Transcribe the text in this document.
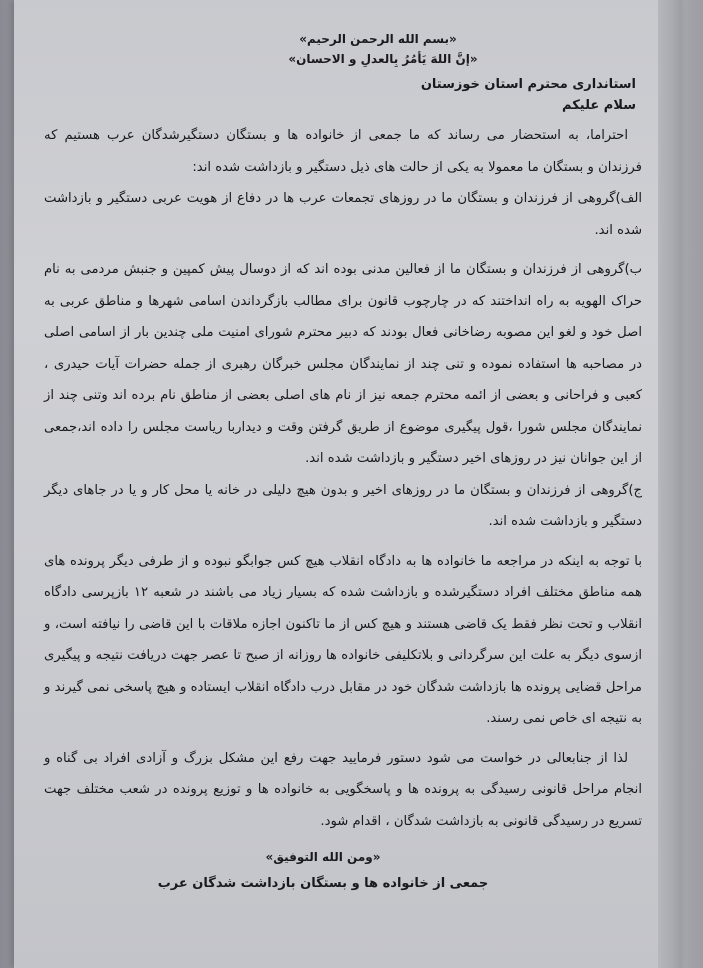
«بسم الله الرحمن الرحیم»

«إنَّ اللهَ یَأمُرُ بِالعدلِ و الاحسان»

استانداری محترم استان خوزستان

سلام علیکم

احتراما، به استحضار می رساند که ما جمعی از خانواده ها و بستگان دستگیرشدگان عرب هستیم که فرزندان و بستگان ما معمولا به یکی از حالت های ذیل دستگیر و بازداشت شده اند:

الف)گروهی از فرزندان و بستگان ما در روزهای تجمعات عرب ها در دفاع از هویت عربی دستگیر و بازداشت شده اند.

ب)گروهی از فرزندان و بستگان ما از فعالین مدنی بوده اند که از دوسال پیش کمپین و جنبش مردمی به نام حراک الهویه به راه انداختند که در چارچوب قانون برای مطالب بازگرداندن اسامی شهرها و مناطق عربی به اصل خود و لغو این مصوبه رضاخانی فعال بودند که دبیر محترم شورای امنیت ملی چندین بار از اسامی اصلی در مصاحبه ها استفاده نموده و تنی چند از نمایندگان مجلس خبرگان رهبری از جمله حضرات آیات حیدری ، کعبی و فراحانی و بعضی از ائمه محترم جمعه نیز از نام های اصلی بعضی از مناطق نام برده اند وتنی چند از نمایندگان مجلس شورا ،قول پیگیری موضوع از طریق گرفتن وقت و دیداربا ریاست مجلس را داده اند،جمعی از این جوانان نیز در روزهای اخیر دستگیر و بازداشت شده اند.

ج)گروهی از فرزندان و بستگان ما در روزهای اخیر و بدون هیچ دلیلی در خانه یا محل کار و یا در جاهای دیگر دستگیر و بازداشت شده اند.

با توجه به اینکه در مراجعه ما خانواده ها به دادگاه انقلاب هیچ کس جوابگو نبوده و از طرفی دیگر پرونده های همه مناطق مختلف افراد دستگیرشده و بازداشت شده که بسیار زیاد می باشند در شعبه ۱۲ بازپرسی دادگاه انقلاب و تحت نظر فقط یک قاضی هستند و هیچ کس از ما تاکنون اجازه ملاقات با این قاضی را نیافته است، و ازسوی دیگر به علت این سرگردانی و بلاتکلیفی خانواده ها روزانه از صبح تا عصر جهت دریافت نتیجه و پیگیری مراحل قضایی پرونده ها بازداشت شدگان خود در مقابل درب دادگاه انقلاب ایستاده و هیچ پاسخی نمی گیرند و به نتیجه ای خاص نمی رسند.

لذا از جنابعالی در خواست می شود دستور فرمایید جهت رفع این مشکل بزرگ و آزادی افراد بی گناه و انجام مراحل قانونی رسیدگی به پرونده ها و پاسخگویی به خانواده ها و توزیع پرونده در شعب مختلف جهت تسریع در رسیدگی قانونی به بازداشت شدگان ، اقدام شود.

«ومن الله التوفیق»

جمعی از خانواده ها و بستگان بازداشت شدگان عرب
